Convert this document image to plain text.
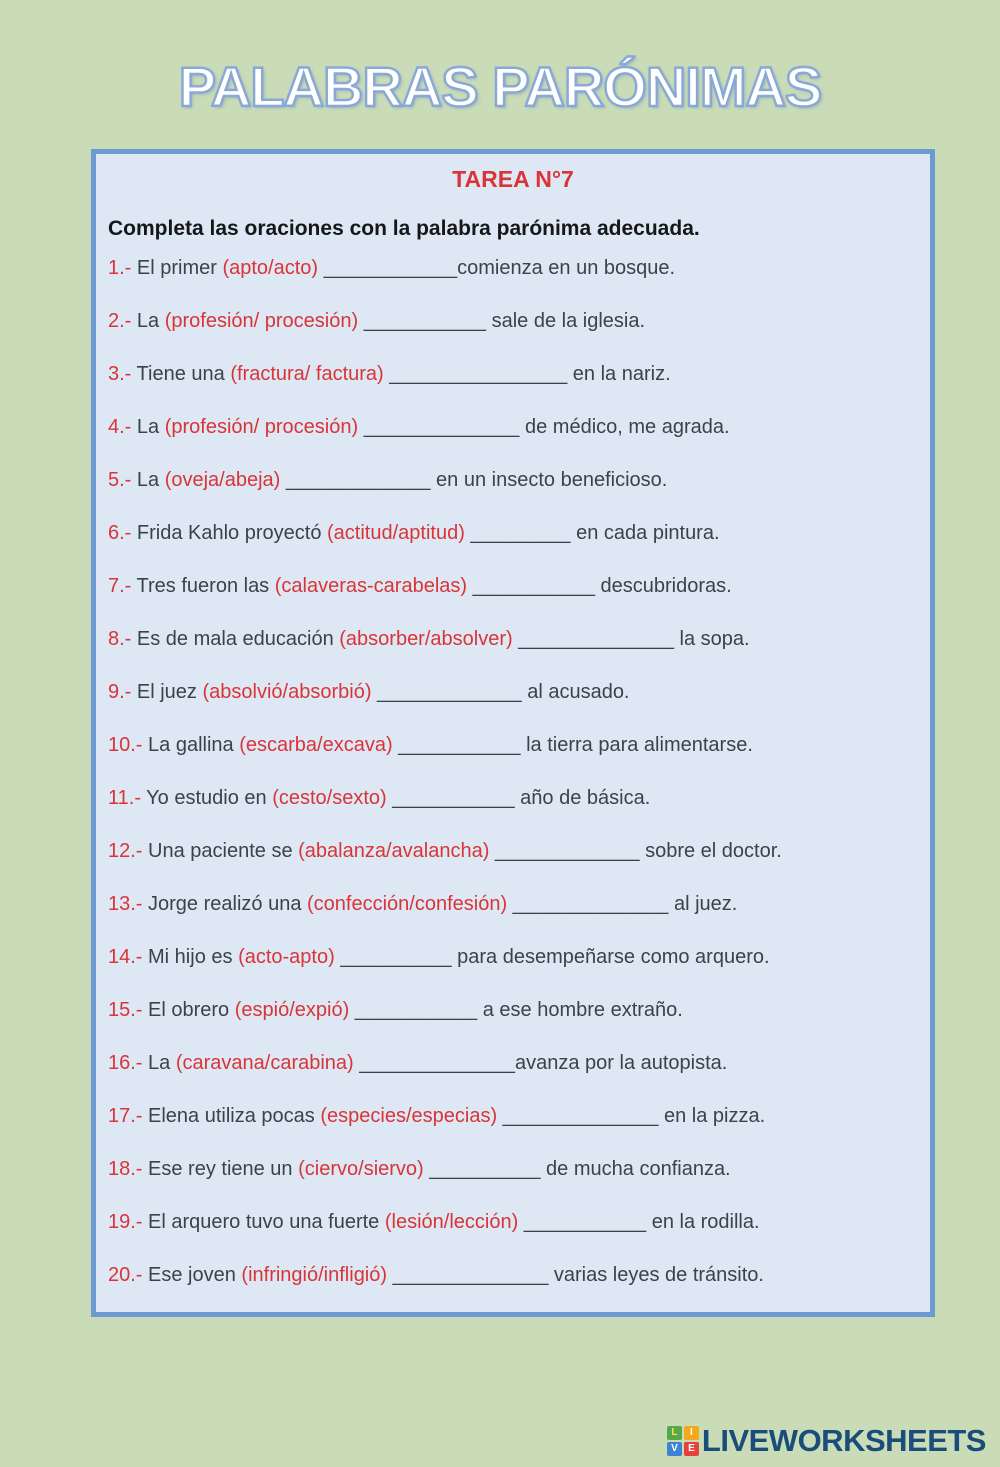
PALABRAS PARÓNIMAS
TAREA N°7
Completa las oraciones con la palabra parónima adecuada.

1.- El primer (apto/acto) ____________comienza en un bosque.

2.- La (profesión/ procesión) ___________ sale de la iglesia.

3.- Tiene una (fractura/ factura) ________________ en la nariz.

4.- La (profesión/ procesión) ______________ de médico, me agrada.

5.- La (oveja/abeja) _____________ en un insecto beneficioso.

6.- Frida Kahlo proyectó (actitud/aptitud) _________ en cada pintura.

7.- Tres fueron las (calaveras-carabelas) ___________ descubridoras.

8.- Es de mala educación (absorber/absolver) ______________ la sopa.

9.- El juez (absolvió/absorbió) _____________ al acusado.

10.- La gallina (escarba/excava) ___________ la tierra para alimentarse.

11.- Yo estudio en (cesto/sexto) ___________ año de básica.

12.- Una paciente se (abalanza/avalancha) _____________ sobre el doctor.

13.- Jorge realizó una (confección/confesión) ______________ al juez.

14.- Mi hijo es (acto-apto) __________ para desempeñarse como arquero.

15.- El obrero (espió/expió) ___________ a ese hombre extraño.

16.- La (caravana/carabina) ______________avanza por la autopista.

17.- Elena utiliza pocas (especies/especias) ______________ en la pizza.

18.- Ese rey tiene un (ciervo/siervo) __________ de mucha confianza.

19.- El arquero tuvo una fuerte (lesión/lección) ___________ en la rodilla.

20.- Ese joven (infringió/infligió) ______________ varias leyes de tránsito.

L	I
V	E LIVEWORKSHEETS
